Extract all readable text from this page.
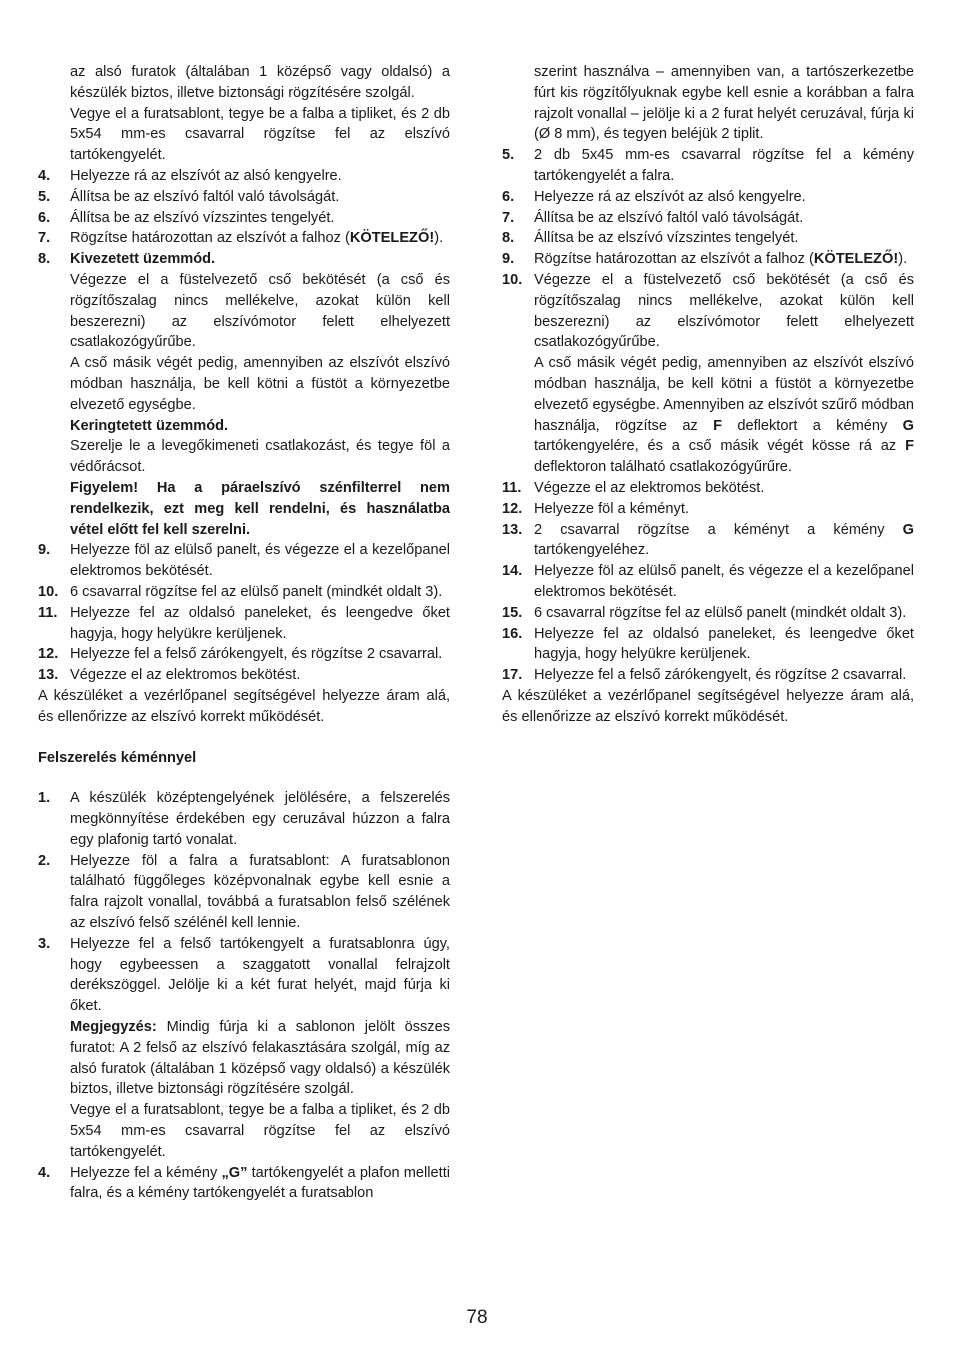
az alsó furatok (általában 1 középső vagy oldalsó) a készülék biztos, illetve biztonsági rögzítésére szolgál.

Vegye el a furatsablont, tegye be a falba a tipliket, és 2 db 5x54 mm-es csavarral rögzítse fel az elszívó tartókengyelét.

4.	Helyezze rá az elszívót az alsó kengyelre.
5.	Állítsa be az elszívó faltól való távolságát.
6.	Állítsa be az elszívó vízszintes tengelyét.
7.	Rögzítse határozottan az elszívót a falhoz (KÖTELEZŐ!).
8.	Kivezetett üzemmód.

Végezze el a füstelvezető cső bekötését (a cső és rögzítőszalag nincs mellékelve, azokat külön kell beszerezni) az elszívómotor felett elhelyezett csatlakozógyűrűbe.

A cső másik végét pedig, amennyiben az elszívót elszívó módban használja, be kell kötni a füstöt a környezetbe elvezető egységbe.

Keringtetett üzemmód.

Szerelje le a levegőkimeneti csatlakozást, és tegye föl a védőrácsot.

Figyelem! Ha a páraelszívó szénfilterrel nem rendelkezik, ezt meg kell rendelni, és használatba vétel előtt fel kell szerelni.

9.	Helyezze föl az elülső panelt, és végezze el a kezelőpanel elektromos bekötését.
10. 6 csavarral rögzítse fel az elülső panelt (mindkét oldalt 3).
11. Helyezze fel az oldalsó paneleket, és leengedve őket hagyja, hogy helyükre kerüljenek.
12. Helyezze fel a felső zárókengyelt, és rögzítse 2 csavarral.
13. Végezze el az elektromos bekötést.

A készüléket a vezérlőpanel segítségével helyezze áram alá, és ellenőrizze az elszívó korrekt működését.

Felszerelés kéménnyel

1.	A készülék középtengelyének jelölésére, a felszerelés megkönnyítése érdekében egy ceruzával húzzon a falra egy plafonig tartó vonalat.
2.	Helyezze föl a falra a furatsablont: A furatsablonon található függőleges középvonalnak egybe kell esnie a falra rajzolt vonallal, továbbá a furatsablon felső szélének az elszívó felső szélénél kell lennie.
3.	Helyezze fel a felső tartókengyelt a furatsablonra úgy, hogy egybeessen a szaggatott vonallal felrajzolt derékszöggel. Jelölje ki a két furat helyét, majd fúrja ki őket.

Megjegyzés: Mindig fúrja ki a sablonon jelölt összes furatot: A 2 felső az elszívó felakasztására szolgál, míg az alsó furatok (általában 1 középső vagy oldalsó) a készülék biztos, illetve biztonsági rögzítésére szolgál.

Vegye el a furatsablont, tegye be a falba a tipliket, és 2 db 5x54 mm-es csavarral rögzítse fel az elszívó tartókengyelét.

4.	Helyezze fel a kémény „G” tartókengyelét a plafon melletti falra, és a kémény tartókengyelét a furatsablon

szerint használva – amennyiben van, a tartószerkezetbe fúrt kis rögzítőlyuknak egybe kell esnie a korábban a falra rajzolt vonallal – jelölje ki a 2 furat helyét ceruzával, fúrja ki (Ø 8 mm), és tegyen beléjük 2 tiplit.

5.	2 db 5x45 mm-es csavarral rögzítse fel a kémény tartókengyelét a falra.
6.	Helyezze rá az elszívót az alsó kengyelre.
7.	Állítsa be az elszívó faltól való távolságát.
8.	Állítsa be az elszívó vízszintes tengelyét.
9.	Rögzítse határozottan az elszívót a falhoz (KÖTELEZŐ!).
10. Végezze el a füstelvezető cső bekötését (a cső és rögzítőszalag nincs mellékelve, azokat külön kell beszerezni) az elszívómotor felett elhelyezett csatlakozógyűrűbe.

A cső másik végét pedig, amennyiben az elszívót elszívó módban használja, be kell kötni a füstöt a környezetbe elvezető egységbe. Amennyiben az elszívót szűrő módban használja, rögzítse az F deflektort a kémény G tartókengyelére, és a cső másik végét kösse rá az F deflektoron található csatlakozógyűrűre.

11. Végezze el az elektromos bekötést.
12. Helyezze föl a kéményt.
13. 2 csavarral rögzítse a kéményt a kémény G tartókengyeléhez.
14. Helyezze föl az elülső panelt, és végezze el a kezelőpanel elektromos bekötését.
15. 6 csavarral rögzítse fel az elülső panelt (mindkét oldalt 3).
16. Helyezze fel az oldalsó paneleket, és leengedve őket hagyja, hogy helyükre kerüljenek.
17. Helyezze fel a felső zárókengyelt, és rögzítse 2 csavarral.

A készüléket a vezérlőpanel segítségével helyezze áram alá, és ellenőrizze az elszívó korrekt működését.

78
